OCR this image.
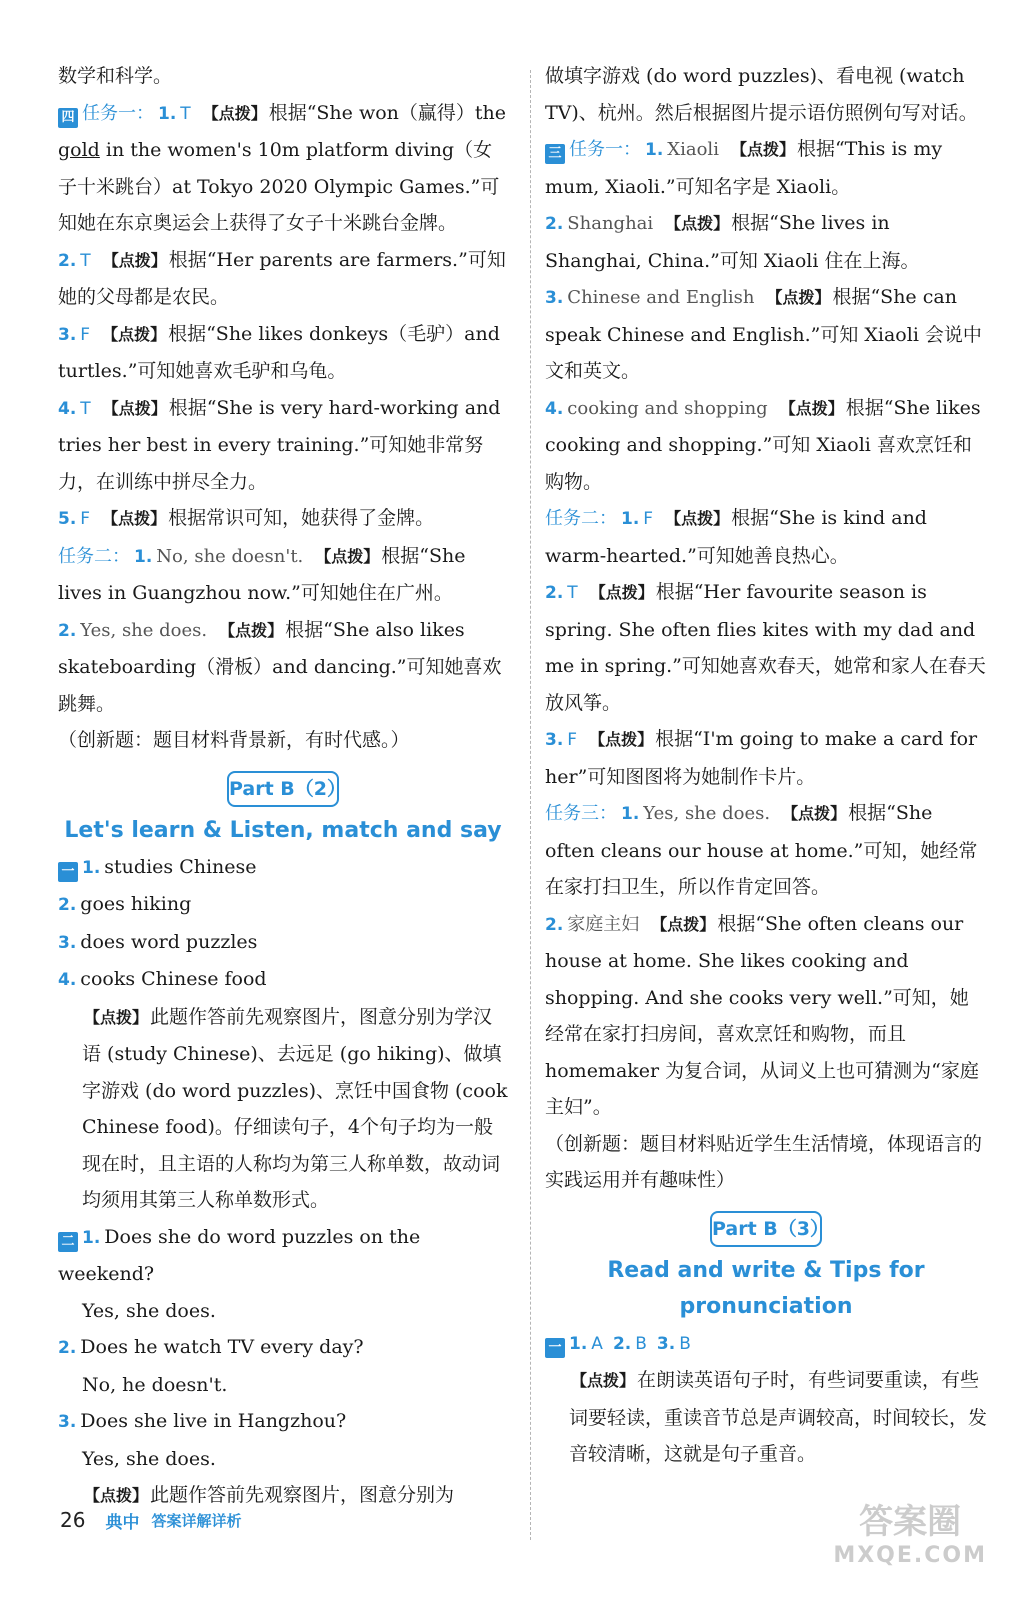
数学和科学。

四 任务一： 1. T 【点拨】 根据“She won（赢得）the gold in the women's 10m platform diving（女子十米跳台）at Tokyo 2020 Olympic Games.”可知她在东京奥运会上获得了女子十米跳台金牌。

2. T 【点拨】 根据“Her parents are farmers.”可知她的父母都是农民。

3. F 【点拨】 根据“She likes donkeys（毛驴）and turtles.”可知她喜欢毛驴和乌龟。

4. T 【点拨】 根据“She is very hard-working and tries her best in every training.”可知她非常努力，在训练中拼尽全力。

5. F 【点拨】 根据常识可知，她获得了金牌。

任务二： 1. No, she doesn't. 【点拨】 根据“She lives in Guangzhou now.”可知她住在广州。

2. Yes, she does. 【点拨】 根据“She also likes skateboarding（滑板）and dancing.”可知她喜欢跳舞。

（创新题：题目材料背景新，有时代感。）

Part B（2）
Let's learn & Listen, match and say

一 1. studies Chinese

2. goes hiking

3. does word puzzles

4. cooks Chinese food

【点拨】 此题作答前先观察图片，图意分别为学汉语 (study Chinese)、去远足 (go hiking)、做填字游戏 (do word puzzles)、烹饪中国食物 (cook Chinese food)。仔细读句子，4个句子均为一般现在时，且主语的人称均为第三人称单数，故动词均须用其第三人称单数形式。

二 1. Does she do word puzzles on the weekend?

Yes, she does.

2. Does he watch TV every day?

No, he doesn't.

3. Does she live in Hangzhou?

Yes, she does.

【点拨】 此题作答前先观察图片，图意分别为

做填字游戏 (do word puzzles)、看电视 (watch TV)、杭州。然后根据图片提示语仿照例句写对话。

三 任务一： 1. Xiaoli 【点拨】 根据“This is my mum, Xiaoli.”可知名字是 Xiaoli。

2. Shanghai 【点拨】 根据“She lives in Shanghai, China.”可知 Xiaoli 住在上海。

3. Chinese and English 【点拨】 根据“She can speak Chinese and English.”可知 Xiaoli 会说中文和英文。

4. cooking and shopping 【点拨】 根据“She likes cooking and shopping.”可知 Xiaoli 喜欢烹饪和购物。

任务二： 1. F 【点拨】 根据“She is kind and warm-hearted.”可知她善良热心。

2. T 【点拨】 根据“Her favourite season is spring. She often flies kites with my dad and me in spring.”可知她喜欢春天，她常和家人在春天放风筝。

3. F 【点拨】 根据“I'm going to make a card for her”可知图图将为她制作卡片。

任务三： 1. Yes, she does. 【点拨】 根据“She often cleans our house at home.”可知，她经常在家打扫卫生，所以作肯定回答。

2. 家庭主妇 【点拨】 根据“She often cleans our house at home. She likes cooking and shopping. And she cooks very well.”可知，她经常在家打扫房间，喜欢烹饪和购物，而且 homemaker 为复合词，从词义上也可猜测为“家庭主妇”。

（创新题：题目材料贴近学生生活情境，体现语言的实践运用并有趣味性）

Part B（3）
Read and write & Tips for
pronunciation

一 1. A 2. B 3. B

【点拨】 在朗读英语句子时，有些词要重读，有些词要轻读，重读音节总是声调较高，时间较长，发音较清晰，这就是句子重音。

26 典中 答案详解详析	答案圈
MXQE.COM
